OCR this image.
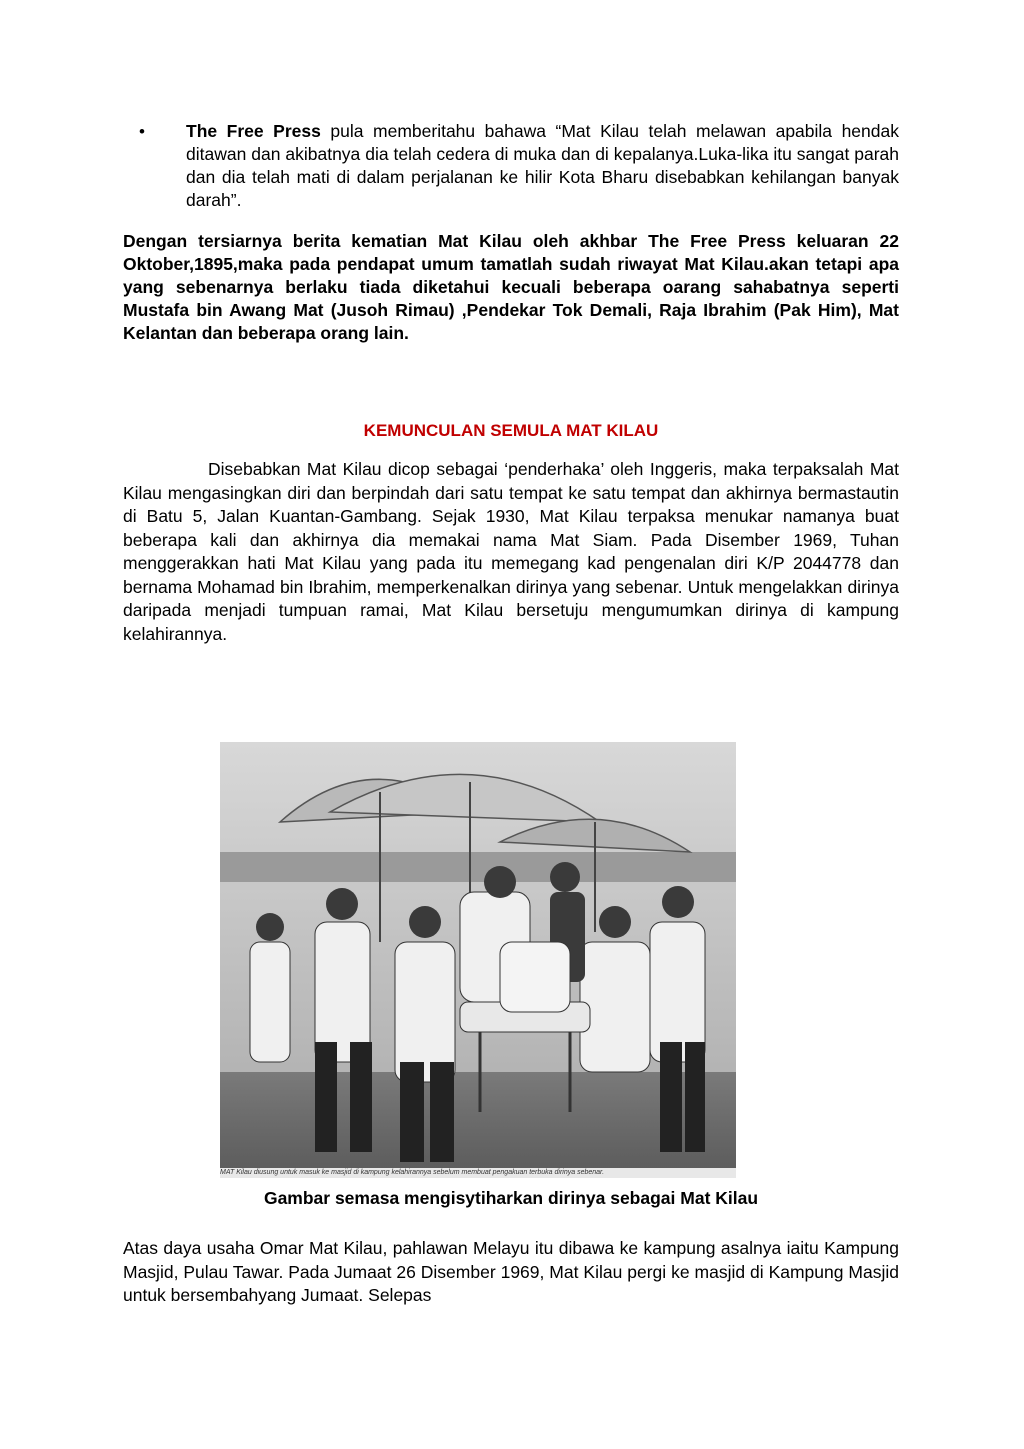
• The Free Press pula memberitahu bahawa “Mat Kilau telah melawan apabila hendak ditawan dan akibatnya dia telah cedera di muka dan di kepalanya.Luka-lika itu sangat parah dan dia telah mati di dalam perjalanan ke hilir Kota Bharu disebabkan kehilangan banyak darah”.
Dengan tersiarnya berita kematian Mat Kilau oleh akhbar The Free Press keluaran 22 Oktober,1895,maka pada pendapat umum tamatlah sudah riwayat Mat Kilau.akan tetapi apa yang sebenarnya berlaku tiada diketahui kecuali beberapa oarang sahabatnya seperti Mustafa bin Awang Mat (Jusoh Rimau) ,Pendekar Tok Demali, Raja Ibrahim (Pak Him), Mat Kelantan dan beberapa orang lain.
KEMUNCULAN SEMULA MAT KILAU
Disebabkan Mat Kilau dicop sebagai ‘penderhaka’ oleh Inggeris, maka terpaksalah Mat Kilau mengasingkan diri dan berpindah dari satu tempat ke satu tempat dan akhirnya bermastautin di Batu 5, Jalan Kuantan-Gambang. Sejak 1930, Mat Kilau terpaksa menukar namanya buat beberapa kali dan akhirnya dia memakai nama Mat Siam. Pada Disember 1969, Tuhan menggerakkan hati Mat Kilau yang pada itu memegang kad pengenalan diri K/P 2044778 dan bernama Mohamad bin Ibrahim, memperkenalkan dirinya yang sebenar. Untuk mengelakkan dirinya daripada menjadi tumpuan ramai, Mat Kilau bersetuju mengumumkan dirinya di kampung kelahirannya.
MAT Kilau diusung untuk masuk ke masjid di kampung kelahirannya sebelum membuat pengakuan terbuka dirinya sebenar.
Gambar semasa mengisytiharkan dirinya sebagai Mat Kilau
Atas daya usaha Omar Mat Kilau, pahlawan Melayu itu dibawa ke kampung asalnya iaitu Kampung Masjid, Pulau Tawar. Pada Jumaat 26 Disember 1969, Mat Kilau pergi ke masjid di Kampung Masjid untuk bersembahyang Jumaat. Selepas
